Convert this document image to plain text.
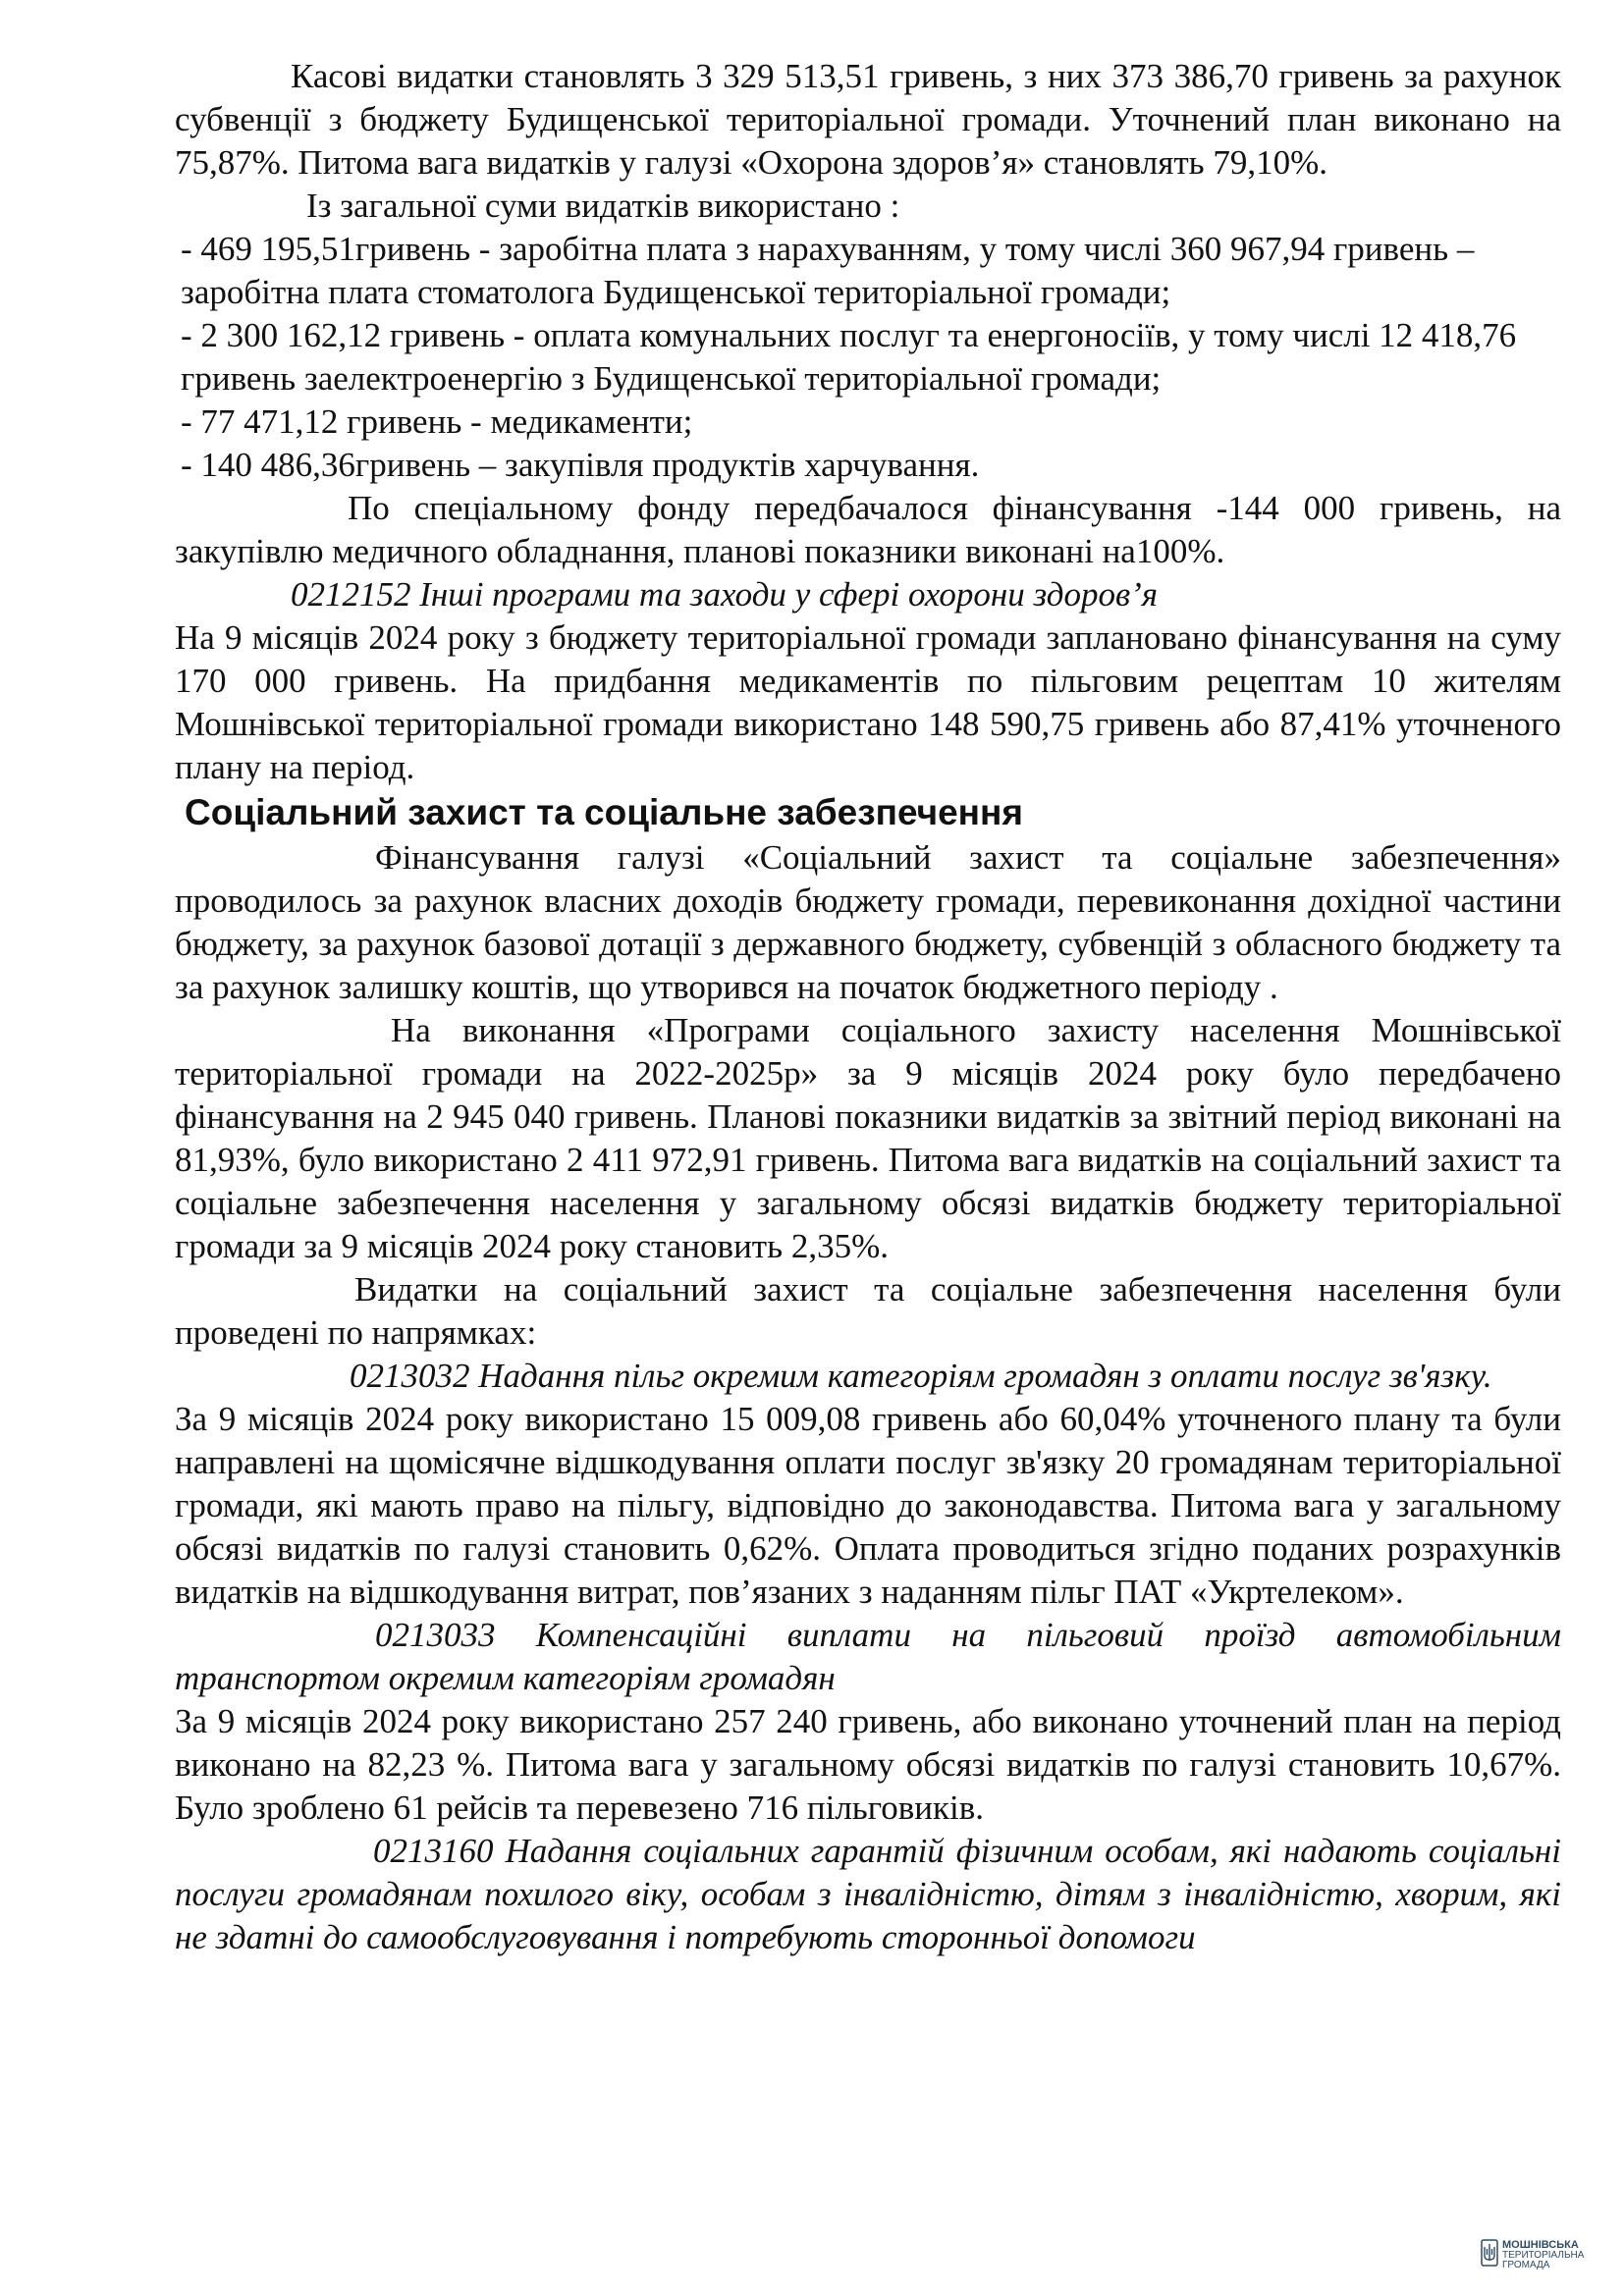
Касові видатки становлять 3 329 513,51 гривень, з них 373 386,70 гривень за рахунок субвенції з бюджету Будищенської територіальної громади. Уточнений план виконано на 75,87%. Питома вага видатків у галузі «Охорона здоров’я» становлять 79,10%.

Із загальної суми видатків використано :

- 469 195,51гривень - заробітна плата з нарахуванням, у тому числі 360 967,94 гривень – заробітна плата стоматолога Будищенської територіальної громади;

- 2 300 162,12 гривень - оплата комунальних послуг та енергоносіїв, у тому числі 12 418,76 гривень заелектроенергію з Будищенської територіальної громади;

- 77 471,12 гривень - медикаменти;

- 140 486,36гривень – закупівля продуктів харчування.

По спеціальному фонду передбачалося фінансування -144 000 гривень, на закупівлю медичного обладнання, планові показники виконані на100%.

0212152 Інші програми та заходи у сфері охорони здоров’я

На 9 місяців 2024 року з бюджету територіальної громади заплановано фінансування на суму 170 000 гривень. На придбання медикаментів по пільговим рецептам 10 жителям Мошнівської територіальної громади використано 148 590,75 гривень або 87,41% уточненого плану на період.

Соціальний захист та соціальне забезпечення

Фінансування галузі «Соціальний захист та соціальне забезпечення» проводилось за рахунок власних доходів бюджету громади, перевиконання дохідної частини бюджету, за рахунок базової дотації з державного бюджету, субвенцій з обласного бюджету та за рахунок залишку коштів, що утворився на початок бюджетного періоду .

На виконання «Програми соціального захисту населення Мошнівської територіальної громади на 2022-2025р» за 9 місяців 2024 року було передбачено фінансування на 2 945 040 гривень. Планові показники видатків за звітний період виконані на 81,93%, було використано 2 411 972,91 гривень. Питома вага видатків на соціальний захист та соціальне забезпечення населення у загальному обсязі видатків бюджету територіальної громади за 9 місяців 2024 року становить 2,35%.

Видатки на соціальний захист та соціальне забезпечення населення були проведені по напрямках:

0213032 Надання пільг окремим категоріям громадян з оплати послуг зв'язку.

За 9 місяців 2024 року використано 15 009,08 гривень або 60,04% уточненого плану та були направлені на щомісячне відшкодування оплати послуг зв'язку 20 громадянам територіальної громади, які мають право на пільгу, відповідно до законодавства. Питома вага у загальному обсязі видатків по галузі становить 0,62%. Оплата проводиться згідно поданих розрахунків видатків на відшкодування витрат, пов’язаних з наданням пільг ПАТ «Укртелеком».

0213033 Компенсаційні виплати на пільговий проїзд автомобільним транспортом окремим категоріям громадян

За 9 місяців 2024 року використано 257 240 гривень, або виконано уточнений план на період виконано на 82,23 %. Питома вага у загальному обсязі видатків по галузі становить 10,67%. Було зроблено 61 рейсів та перевезено 716 пільговиків.

0213160 Надання соціальних гарантій фізичним особам, які надають соціальні послуги громадянам похилого віку, особам з інвалідністю, дітям з інвалідністю, хворим, які не здатні до самообслуговування і потребують сторонньої допомоги

МОШНІВСЬКА
ТЕРИТОРІАЛЬНА
ГРОМАДА
